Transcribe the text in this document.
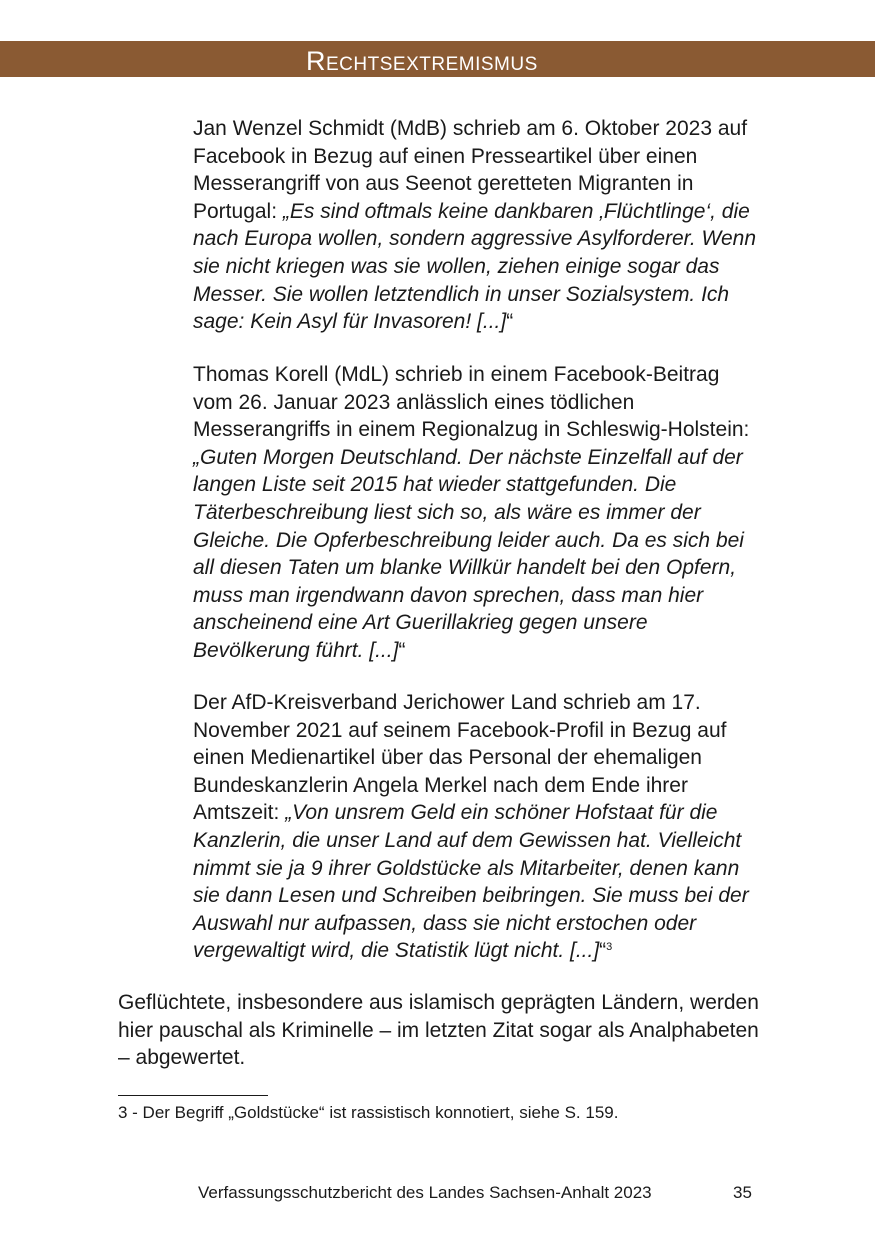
Rechtsextremismus
Jan Wenzel Schmidt (MdB) schrieb am 6. Oktober 2023 auf Facebook in Bezug auf einen Presseartikel über einen Messerangriff von aus Seenot geretteten Migranten in Portugal: „Es sind oftmals keine dankbaren ‚Flüchtlinge‘, die nach Europa wollen, sondern aggressive Asylforderer. Wenn sie nicht kriegen was sie wollen, ziehen einige sogar das Messer. Sie wollen letztendlich in unser Sozialsystem. Ich sage: Kein Asyl für Invasoren! [...]“
Thomas Korell (MdL) schrieb in einem Facebook-Beitrag vom 26. Januar 2023 anlässlich eines tödlichen Messerangriffs in einem Regionalzug in Schleswig-Holstein: „Guten Morgen Deutschland. Der nächste Einzelfall auf der langen Liste seit 2015 hat wieder stattgefunden. Die Täterbeschreibung liest sich so, als wäre es immer der Gleiche. Die Opferbeschreibung leider auch. Da es sich bei all diesen Taten um blanke Willkür handelt bei den Opfern, muss man irgendwann davon sprechen, dass man hier anscheinend eine Art Guerillakrieg gegen unsere Bevölkerung führt. [...]“
Der AfD-Kreisverband Jerichower Land schrieb am 17. November 2021 auf seinem Facebook-Profil in Bezug auf einen Medienartikel über das Personal der ehemaligen Bundeskanzlerin Angela Merkel nach dem Ende ihrer Amtszeit: „Von unsrem Geld ein schöner Hofstaat für die Kanzlerin, die unser Land auf dem Gewissen hat. Vielleicht nimmt sie ja 9 ihrer Goldstücke als Mitarbeiter, denen kann sie dann Lesen und Schreiben beibringen. Sie muss bei der Auswahl nur aufpassen, dass sie nicht erstochen oder vergewaltigt wird, die Statistik lügt nicht. [...]“$^3$
Geflüchtete, insbesondere aus islamisch geprägten Ländern, werden hier pauschal als Kriminelle – im letzten Zitat sogar als Analphabeten – abgewertet.
3 - Der Begriff „Goldstücke“ ist rassistisch konnotiert, siehe S. 159.
Verfassungsschutzbericht des Landes Sachsen-Anhalt 2023	35
